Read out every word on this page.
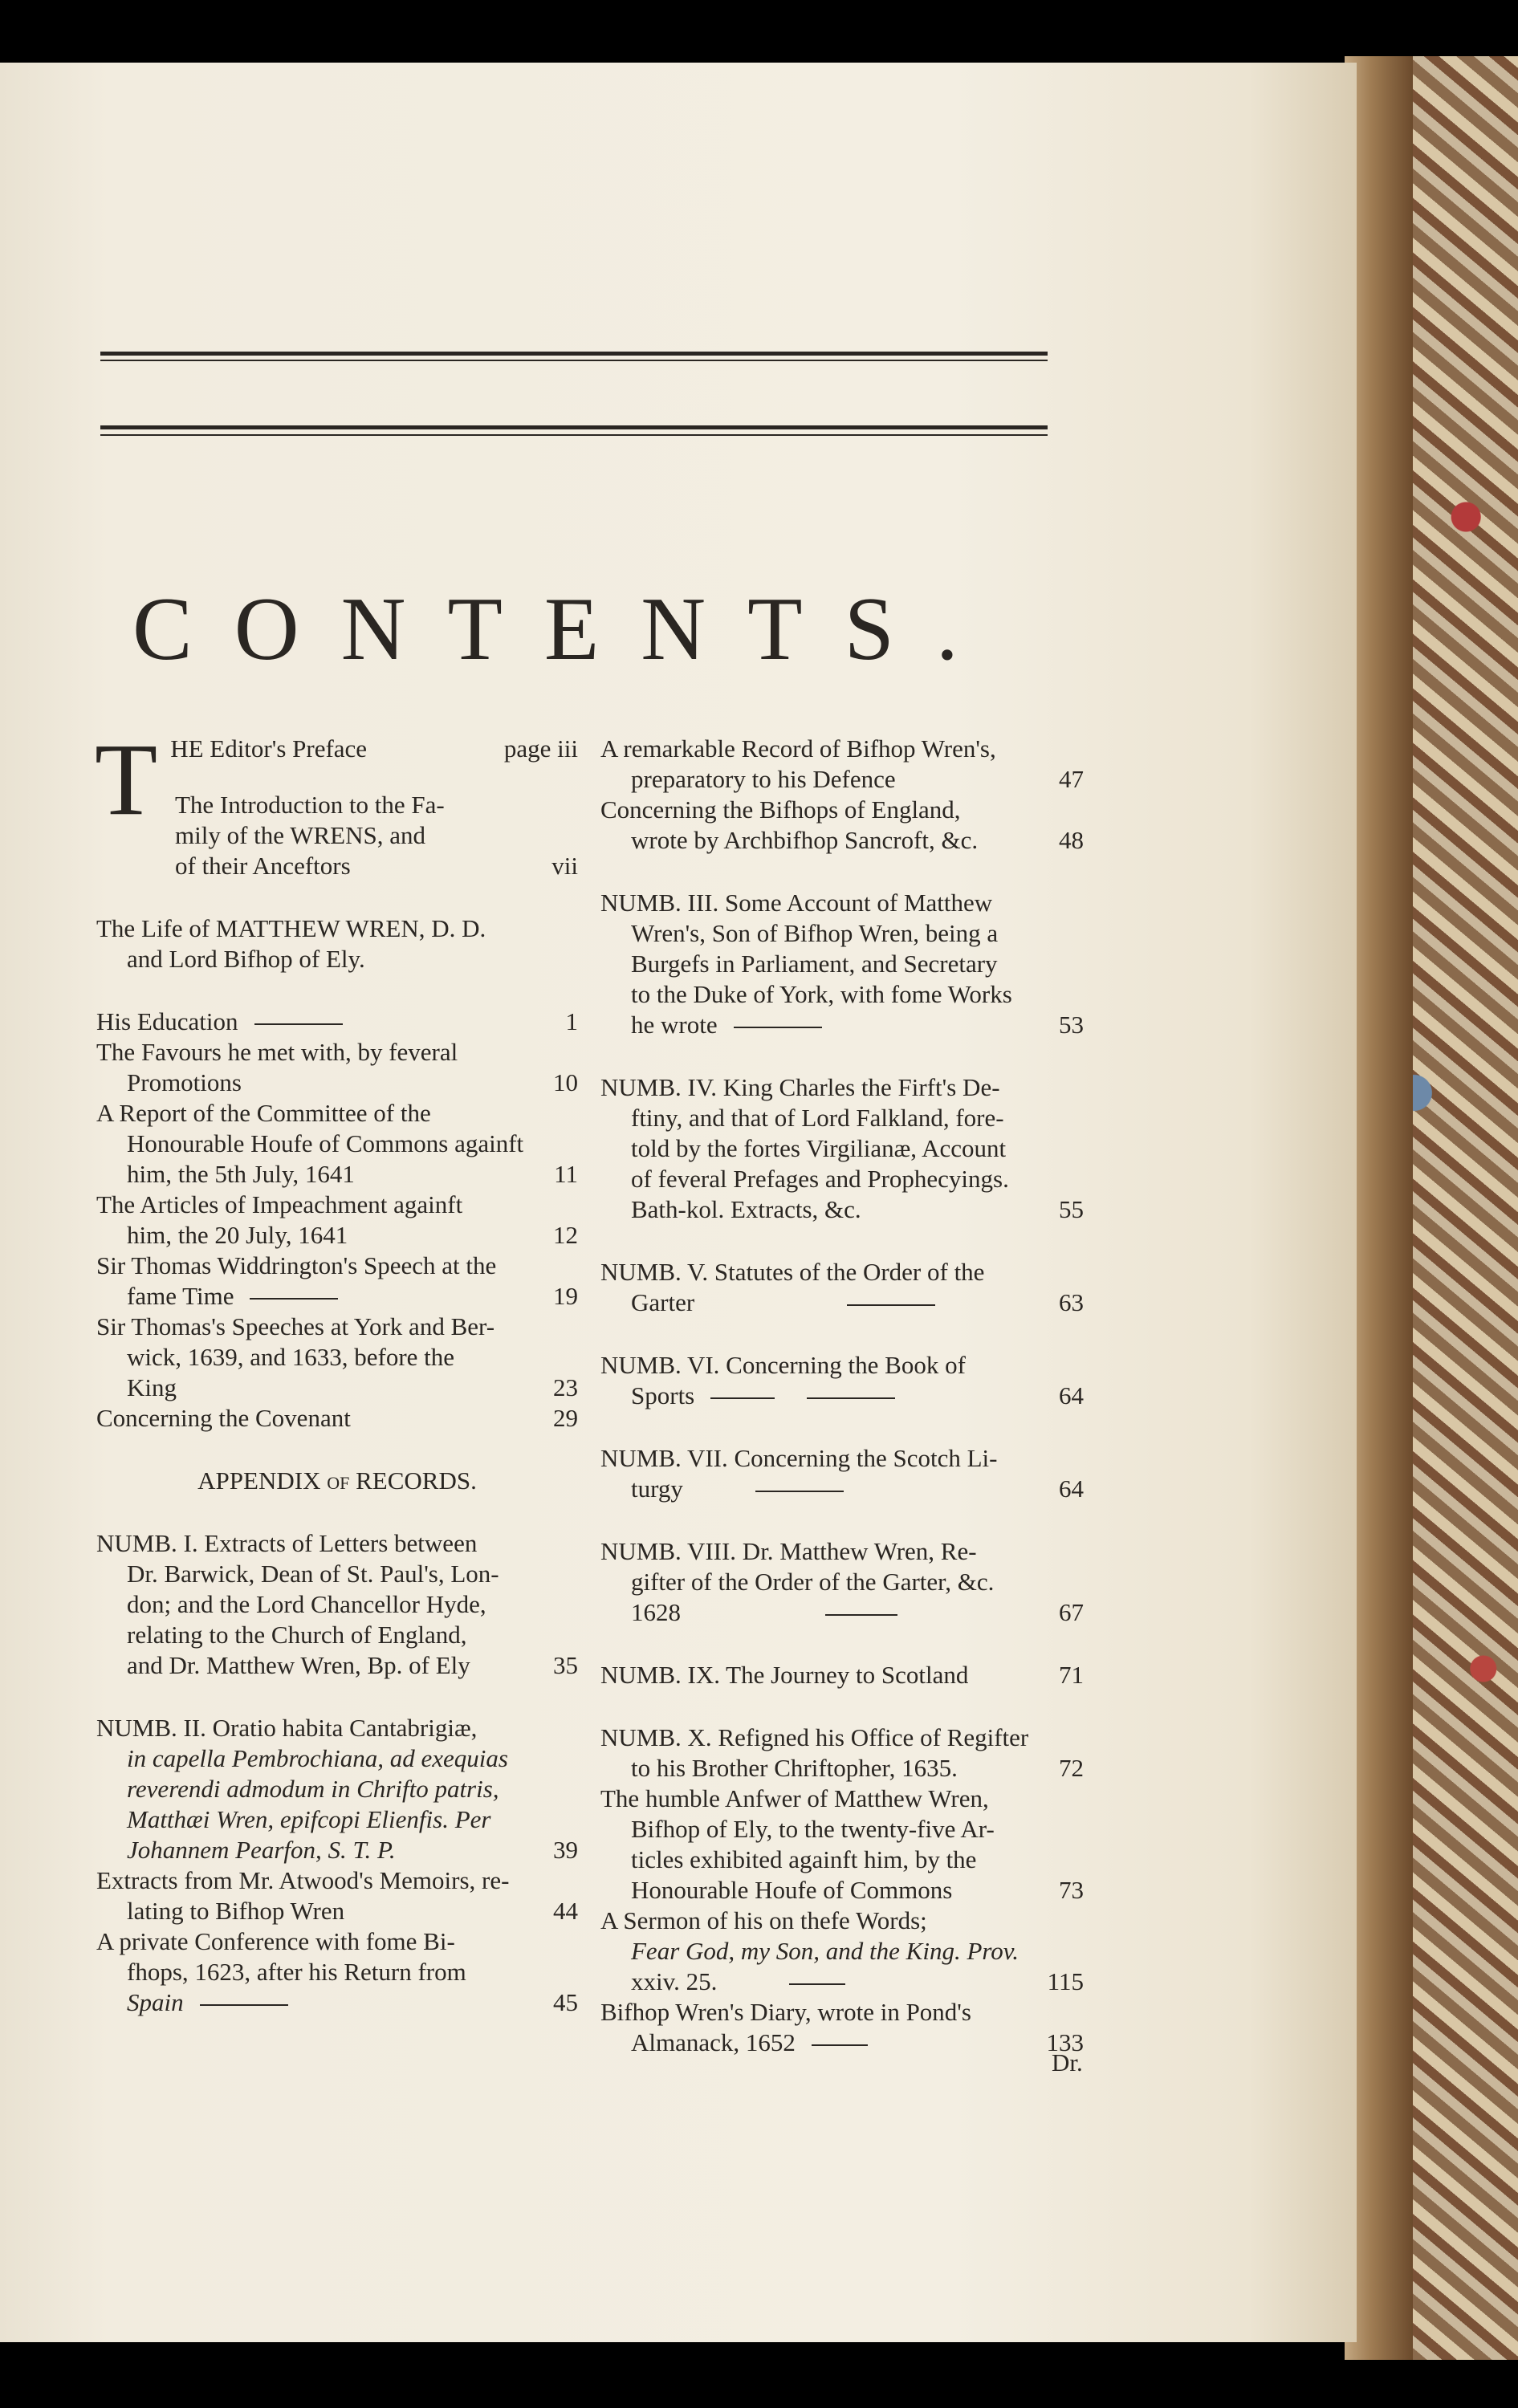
CONTENTS.
T HE Editor's Preface	page iii
The Introduction to the Fa-
mily of the WRENS, and
of their Anceftors	vii
The Life of MATTHEW WREN, D. D.
and Lord Bifhop of Ely.
His Education	1
The Favours he met with, by feveral
Promotions	10
A Report of the Committee of the
Honourable Houfe of Commons againft
him, the 5th July, 1641	11
The Articles of Impeachment againft
him, the 20 July, 1641	12
Sir Thomas Widdrington's Speech at the
fame Time	19
Sir Thomas's Speeches at York and Ber-
wick, 1639, and 1633, before the
King	23
Concerning the Covenant	29
APPENDIX of RECORDS.
NUMB. I. Extracts of Letters between
Dr. Barwick, Dean of St. Paul's, Lon-
don; and the Lord Chancellor Hyde,
relating to the Church of England,
and Dr. Matthew Wren, Bp. of Ely	35
NUMB. II. Oratio habita Cantabrigiæ,
in capella Pembrochiana, ad exequias
reverendi admodum in Chrifto patris,
Matthæi Wren, epifcopi Elienfis. Per
Johannem Pearfon, S. T. P.	39
Extracts from Mr. Atwood's Memoirs, re-
lating to Bifhop Wren	44
A private Conference with fome Bi-
fhops, 1623, after his Return from
Spain	45
A remarkable Record of Bifhop Wren's,
preparatory to his Defence	47
Concerning the Bifhops of England,
wrote by Archbifhop Sancroft, &c.	48
NUMB. III. Some Account of Matthew
Wren's, Son of Bifhop Wren, being a
Burgefs in Parliament, and Secretary
to the Duke of York, with fome Works
he wrote	53
NUMB. IV. King Charles the Firft's De-
ftiny, and that of Lord Falkland, fore-
told by the fortes Virgilianæ, Account
of feveral Prefages and Prophecyings.
Bath-kol. Extracts, &c.	55
NUMB. V. Statutes of the Order of the
Garter	63
NUMB. VI. Concerning the Book of
Sports	64
NUMB. VII. Concerning the Scotch Li-
turgy	64
NUMB. VIII. Dr. Matthew Wren, Re-
gifter of the Order of the Garter, &c.
1628	67
NUMB. IX. The Journey to Scotland	71
NUMB. X. Refigned his Office of Regifter
to his Brother Chriftopher, 1635.	72
The humble Anfwer of Matthew Wren,
Bifhop of Ely, to the twenty-five Ar-
ticles exhibited againft him, by the
Honourable Houfe of Commons	73
A Sermon of his on thefe Words;
Fear God, my Son, and the King. Prov.
xxiv. 25.	115
Bifhop Wren's Diary, wrote in Pond's
Almanack, 1652	133
Dr.
